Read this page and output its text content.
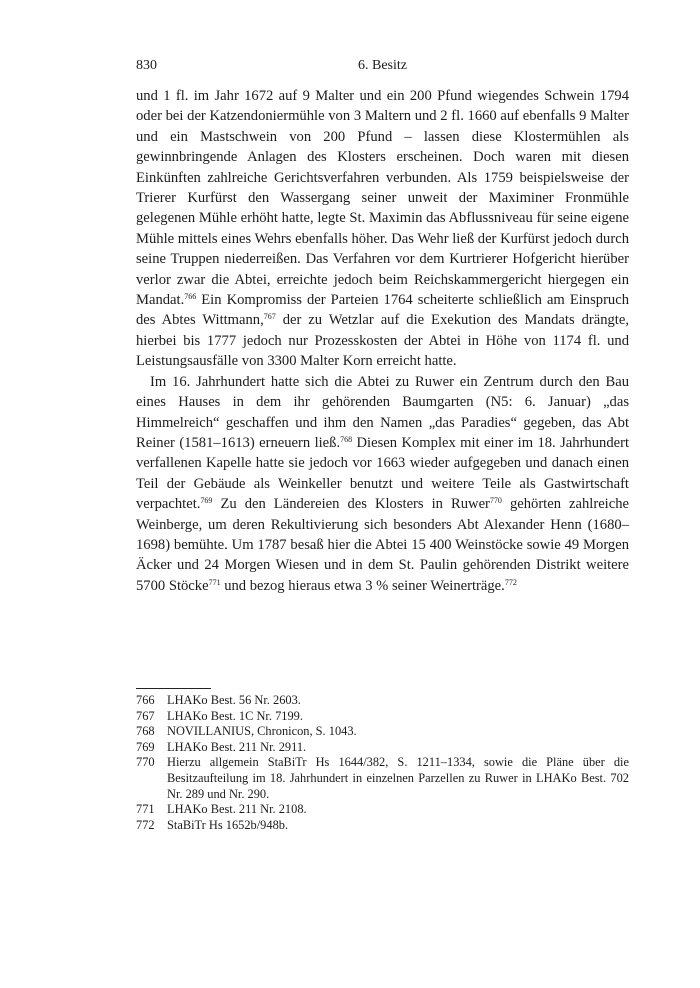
830	6. Besitz

und 1 fl. im Jahr 1672 auf 9 Malter und ein 200 Pfund wiegendes Schwein 1794 oder bei der Katzendoniermühle von 3 Maltern und 2 fl. 1660 auf ebenfalls 9 Malter und ein Mastschwein von 200 Pfund – lassen diese Klostermühlen als gewinnbringende Anlagen des Klosters erscheinen. Doch waren mit diesen Einkünften zahlreiche Gerichtsverfahren verbunden. Als 1759 beispielsweise der Trierer Kurfürst den Wassergang seiner unweit der Maximiner Fronmühle gelegenen Mühle erhöht hatte, legte St. Maximin das Abflussniveau für seine eigene Mühle mittels eines Wehrs ebenfalls höher. Das Wehr ließ der Kurfürst jedoch durch seine Truppen niederreißen. Das Verfahren vor dem Kurtrierer Hofgericht hierüber verlor zwar die Abtei, erreichte jedoch beim Reichskammergericht hiergegen ein Mandat.$^{766}$ Ein Kompromiss der Parteien 1764 scheiterte schließlich am Einspruch des Abtes Wittmann,$^{767}$ der zu Wetzlar auf die Exekution des Mandats drängte, hierbei bis 1777 jedoch nur Prozesskosten der Abtei in Höhe von 1174 fl. und Leistungsausfälle von 3300 Malter Korn erreicht hatte.

Im 16. Jahrhundert hatte sich die Abtei zu Ruwer ein Zentrum durch den Bau eines Hauses in dem ihr gehörenden Baumgarten (N5: 6. Januar) „das Himmelreich“ geschaffen und ihm den Namen „das Paradies“ gegeben, das Abt Reiner (1581–1613) erneuern ließ.$^{768}$ Diesen Komplex mit einer im 18. Jahrhundert verfallenen Kapelle hatte sie jedoch vor 1663 wieder aufgegeben und danach einen Teil der Gebäude als Weinkeller benutzt und weitere Teile als Gastwirtschaft verpachtet.$^{769}$ Zu den Ländereien des Klosters in Ruwer$^{770}$ gehörten zahlreiche Weinberge, um deren Rekultivierung sich besonders Abt Alexander Henn (1680–1698) bemühte. Um 1787 besaß hier die Abtei 15 400 Weinstöcke sowie 49 Morgen Äcker und 24 Morgen Wiesen und in dem St. Paulin gehörenden Distrikt weitere 5700 Stöcke$^{771}$ und bezog hieraus etwa 3 % seiner Weinerträge.$^{772}$

766	LHAKo Best. 56 Nr. 2603.
767	LHAKo Best. 1C Nr. 7199.
768	NOVILLANIUS, Chronicon, S. 1043.
769	LHAKo Best. 211 Nr. 2911.
770	Hierzu allgemein StaBiTr Hs 1644/382, S. 1211–1334, sowie die Pläne über die Besitzaufteilung im 18. Jahrhundert in einzelnen Parzellen zu Ruwer in LHAKo Best. 702 Nr. 289 und Nr. 290.
771	LHAKo Best. 211 Nr. 2108.
772	StaBiTr Hs 1652b/948b.
